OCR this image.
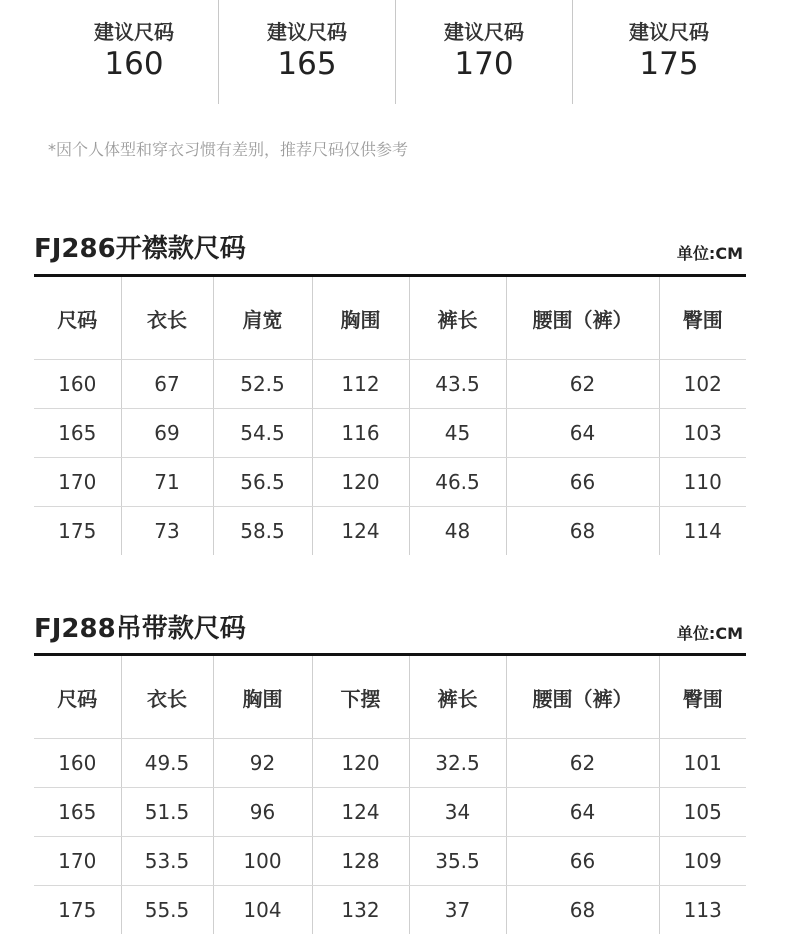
建议尺码
160
建议尺码
165
建议尺码
170
建议尺码
175
*因个人体型和穿衣习惯有差别，推荐尺码仅供参考
FJ286开襟款尺码	单位:CM
尺码	衣长	肩宽	胸围	裤长	腰围（裤）	臀围
160	67	52.5	112	43.5	62	102
165	69	54.5	116	45	64	103
170	71	56.5	120	46.5	66	110
175	73	58.5	124	48	68	114
FJ288吊带款尺码	单位:CM
尺码	衣长	胸围	下摆	裤长	腰围（裤）	臀围
160	49.5	92	120	32.5	62	101
165	51.5	96	124	34	64	105
170	53.5	100	128	35.5	66	109
175	55.5	104	132	37	68	113
